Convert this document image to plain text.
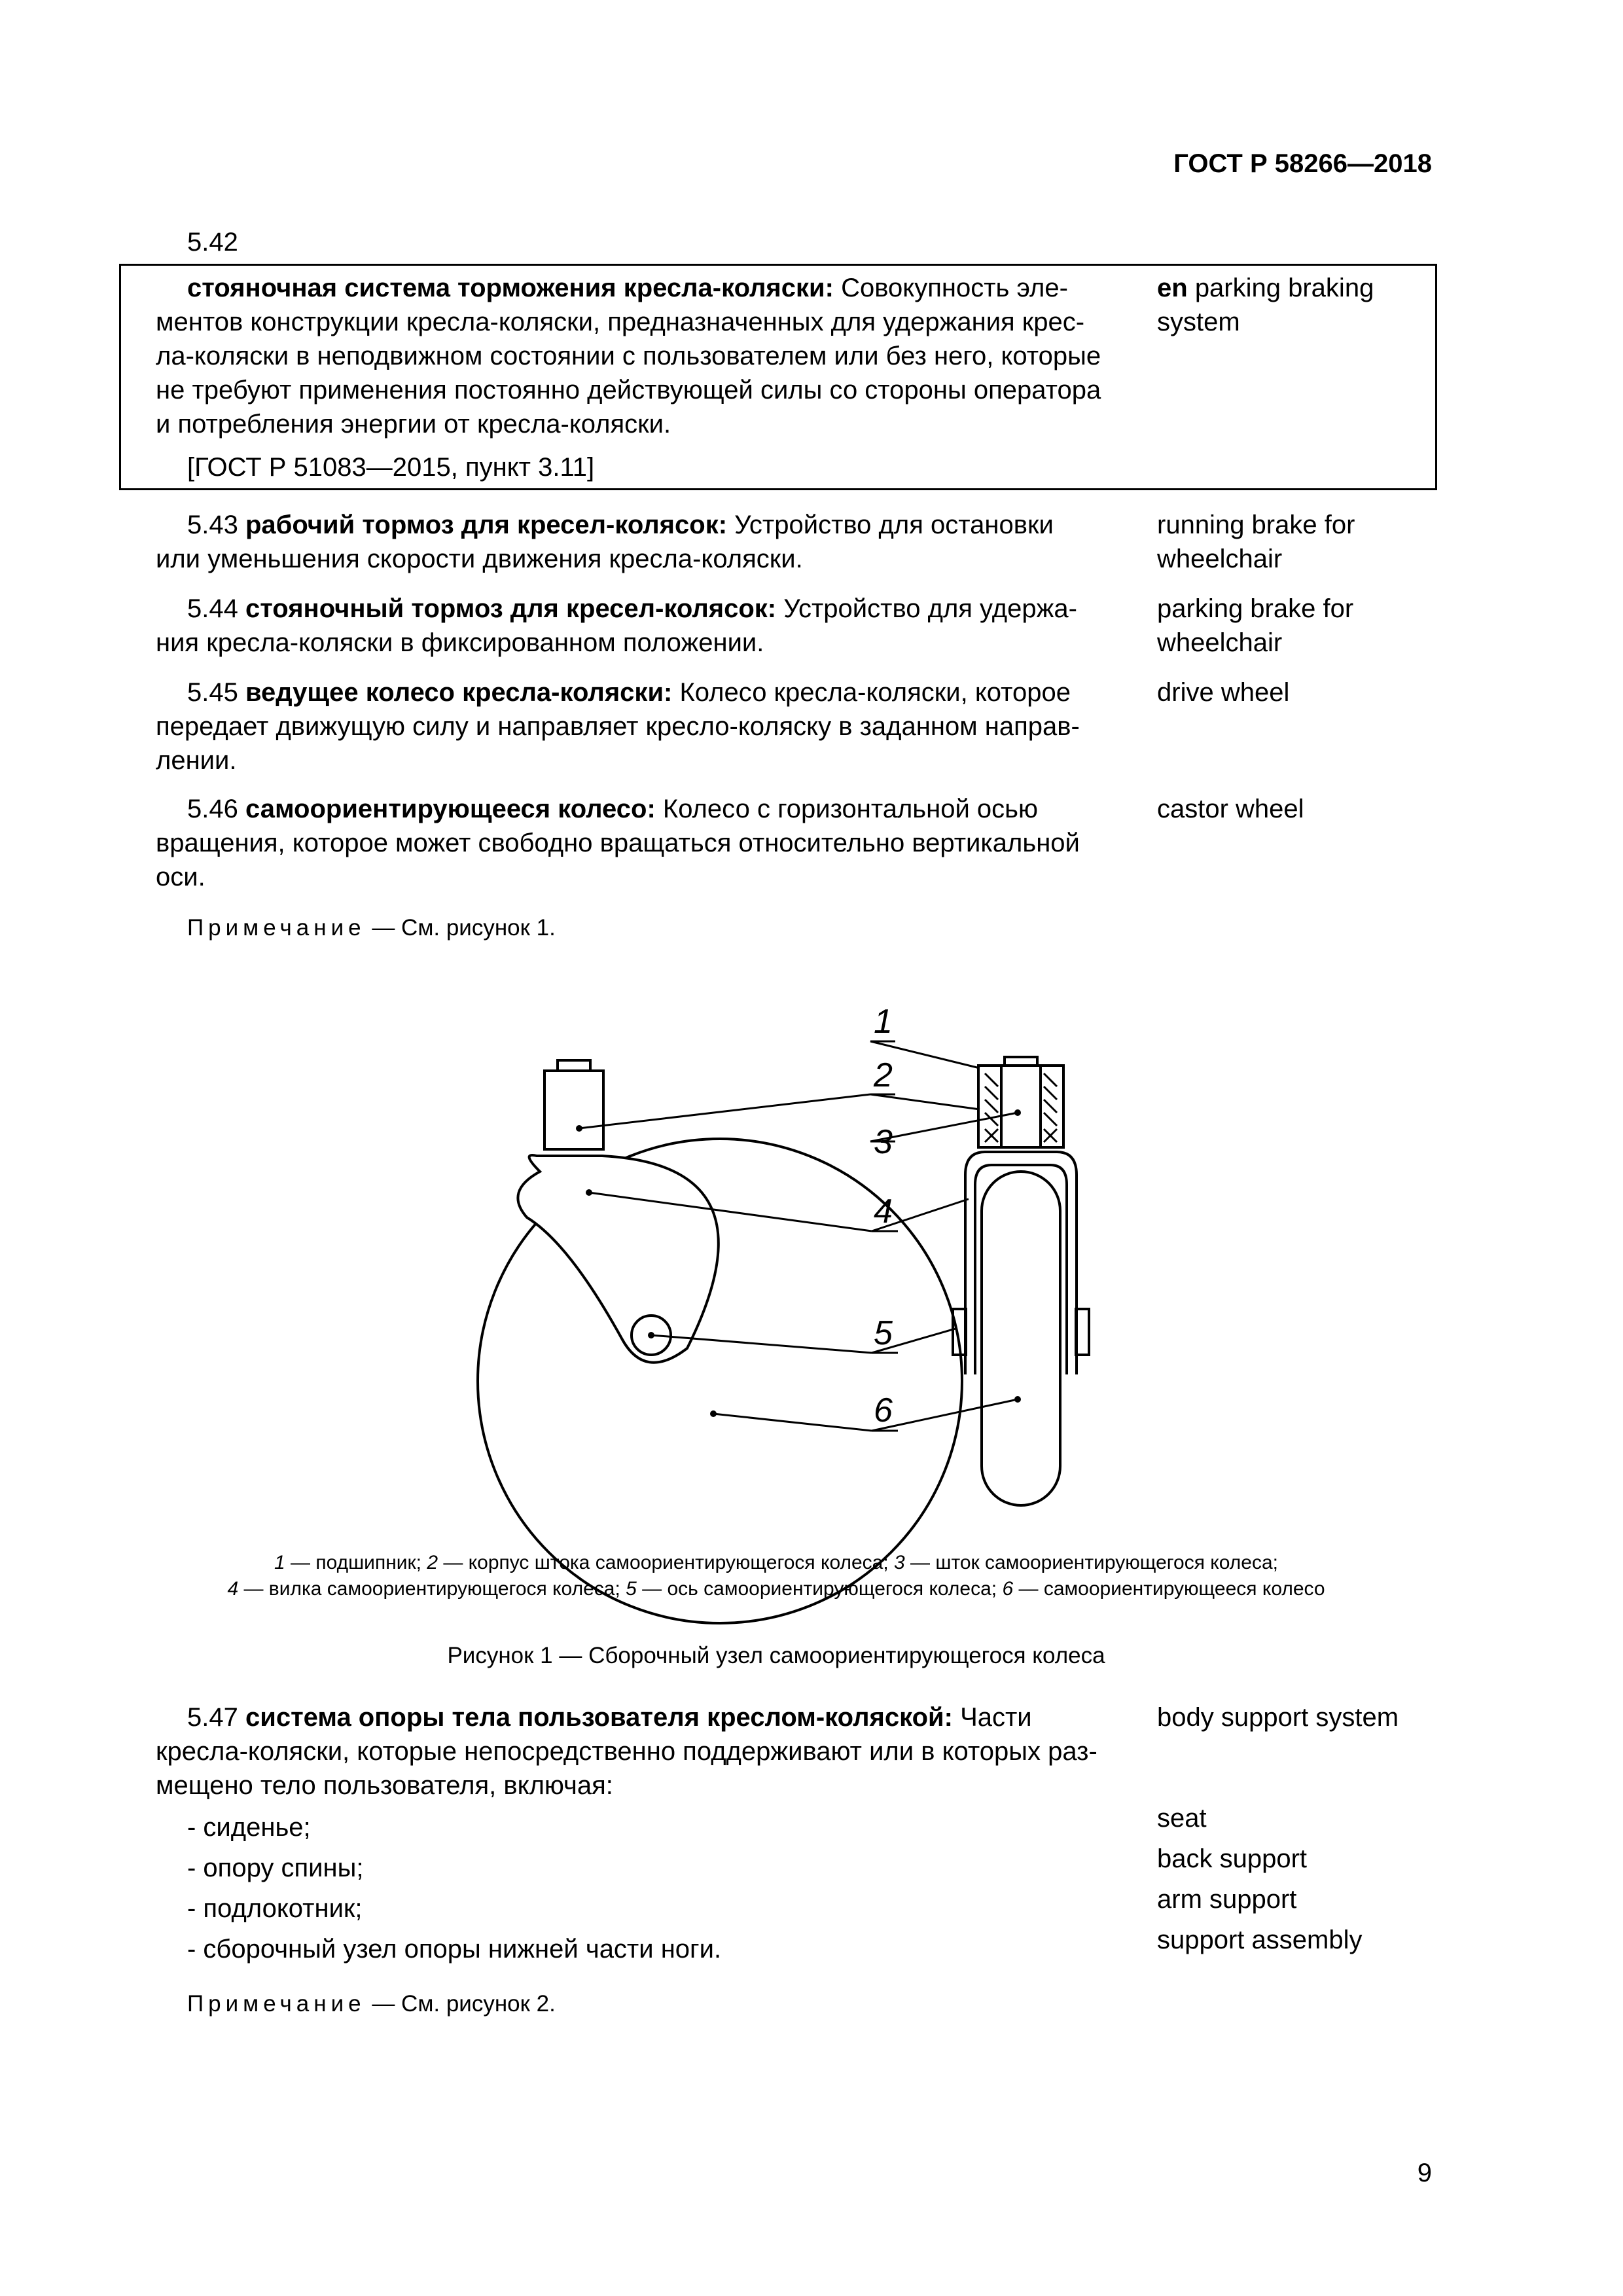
ГОСТ Р 58266—2018
5.42
стояночная система торможения кресла-коляски: Совокупность эле-
ментов конструкции кресла-коляски, предназначенных для удержания крес-
ла-коляски в неподвижном состоянии с пользователем или без него, которые
не требуют применения постоянно действующей силы со стороны оператора
и потребления энергии от кресла-коляски.
[ГОСТ Р 51083—2015, пункт 3.11]
en parking braking
system
5.43 рабочий тормоз для кресел-колясок: Устройство для остановки
или уменьшения скорости движения кресла-коляски.
running brake for
wheelchair
5.44 стояночный тормоз для кресел-колясок: Устройство для удержа-
ния кресла-коляски в фиксированном положении.
parking brake for
wheelchair
5.45 ведущее колесо кресла-коляски: Колесо кресла-коляски, которое
передает движущую силу и направляет кресло-коляску в заданном направ-
лении.
drive wheel
5.46 самоориентирующееся колесо: Колесо с горизонтальной осью
вращения, которое может свободно вращаться относительно вертикальной
оси.
castor wheel
Примечание — См. рисунок 1.
1
2
3
4
5
6
1 — подшипник; 2 — корпус штока самоориентирующегося колеса; 3 — шток самоориентирующегося колеса;
4 — вилка самоориентирующегося колеса; 5 — ось самоориентирующегося колеса; 6 — самоориентирующееся колесо
Рисунок 1 — Сборочный узел самоориентирующегося колеса
5.47 система опоры тела пользователя креслом-коляской: Части
кресла-коляски, которые непосредственно поддерживают или в которых раз-
мещено тело пользователя, включая:
body support system
- сиденье;
- опору спины;
- подлокотник;
- сборочный узел опоры нижней части ноги.
seat
back support
arm support
support assembly
Примечание — См. рисунок 2.
9
